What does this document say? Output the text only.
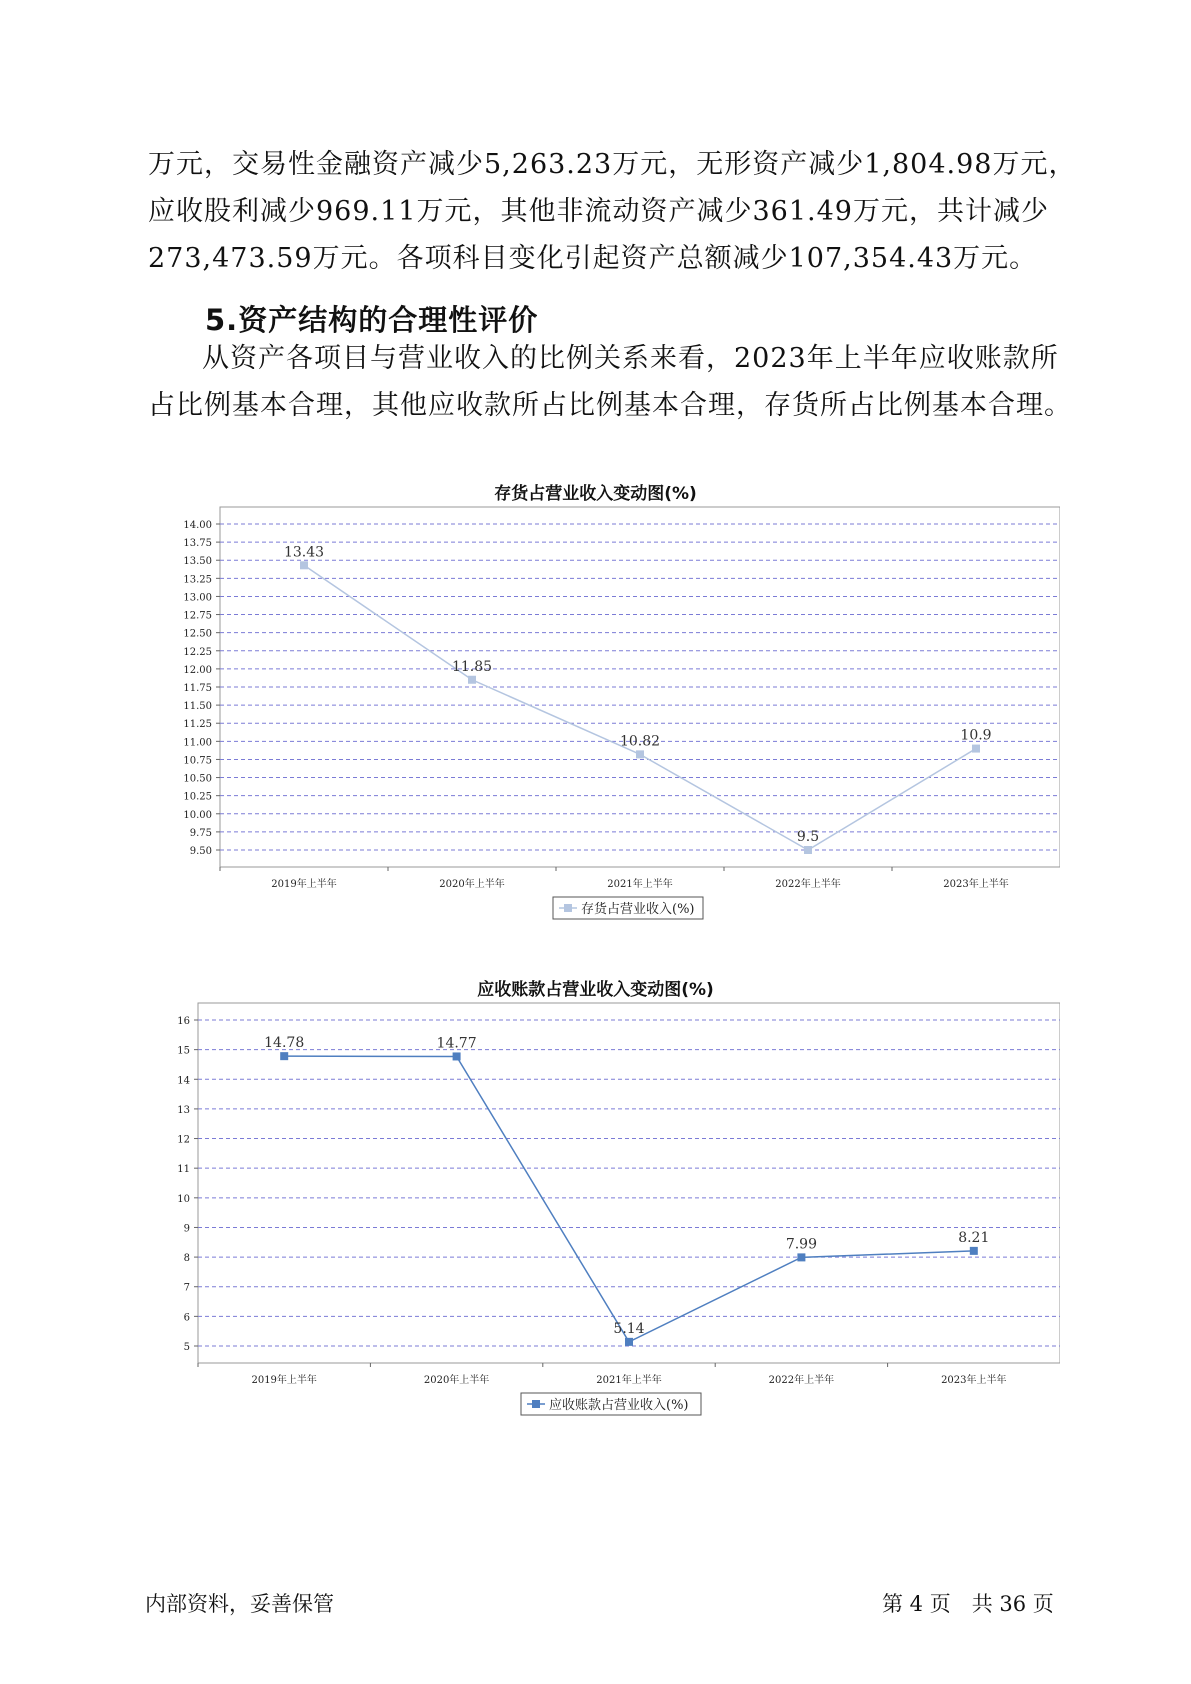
万元，交易性金融资产减少5,263.23万元，无形资产减少1,804.98万元，
应收股利减少969.11万元，其他非流动资产减少361.49万元，共计减少
273,473.59万元。各项科目变化引起资产总额减少107,354.43万元。
5.资产结构的合理性评价
从资产各项目与营业收入的比例关系来看，2023年上半年应收账款所
占比例基本合理，其他应收款所占比例基本合理，存货所占比例基本合理。
存货占营业收入变动图(%)
9.50
9.75
10.00
10.25
10.50
10.75
11.00
11.25
11.50
11.75
12.00
12.25
12.50
12.75
13.00
13.25
13.50
13.75
14.00
2019年上半年	2020年上半年	2021年上半年	2022年上半年	2023年上半年
13.43
11.85
10.82
9.5
10.9
存货占营业收入(%)
应收账款占营业收入变动图(%)
5
6
7
8
9
10
11
12
13
14
15
16
2019年上半年	2020年上半年	2021年上半年	2022年上半年	2023年上半年
14.78	14.77
5.14
7.99	8.21
应收账款占营业收入(%)
内部资料，妥善保管	第 4 页　共 36 页
